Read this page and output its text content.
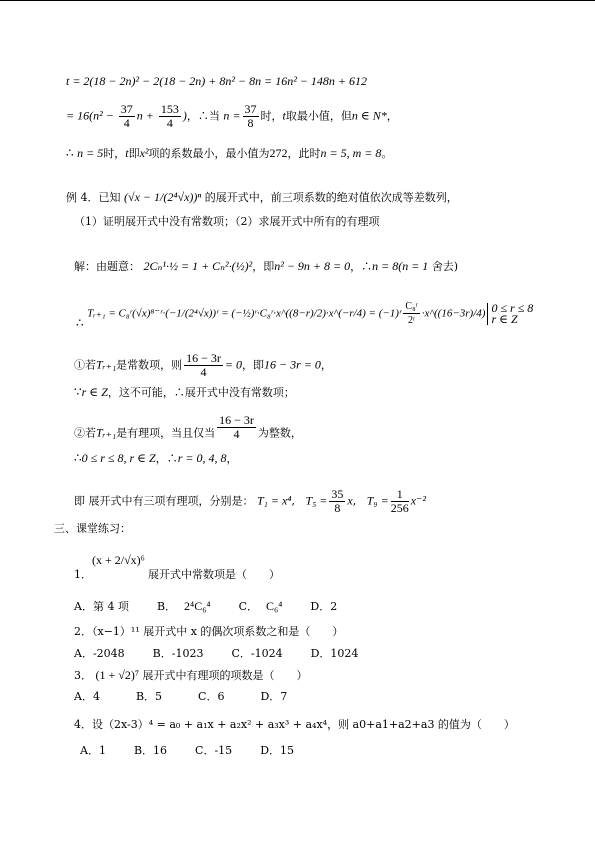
t = 2(18 − 2n)² − 2(18 − 2n) + 8n² − 8n = 16n² − 148n + 612
= $16(n^2 - \frac{37}{4}$ $n + \frac{153}{4}$ )，∴当 $n = \frac{37}{8}$ 时，t取最小值，但n ∈ N*，
∴ n = 5时，t即x²项的系数最小，最小值为272，此时n = 5, m = 8。
例 4．已知 (√x − 1/(2⁴√x))ⁿ 的展开式中，前三项系数的绝对值依次成等差数列，
（1）证明展开式中没有常数项；（2）求展开式中所有的有理项
解：由题意： 2Cₙ¹·½ = 1 + Cₙ²·(½)²，即n² − 9n + 8 = 0，∴n = 8(n = 1 舍去)
∴ Tᵣ₊₁ = C₈ʳ(√x)⁸⁻ʳ·(−1/(2⁴√x))ʳ = (−½)ʳ·C₈ʳ·x^((8−r)/2)·x^(−r/4) = (−1)ʳ $\frac{\text{C₈ʳ}}{\text{2ʳ}}$ ·x^((16−3r)/4) 0 ≤ r ≤ 8
r ∈ Z
①若Tᵣ₊₁是常数项，则 $\frac{16 - 3r}{4} = 0$，即16 − 3r = 0，
∵r ∈ Z，这不可能，∴展开式中没有常数项；
②若Tᵣ₊₁是有理项，当且仅当 $\frac{16 - 3r}{4}$ 为整数，
∴0 ≤ r ≤ 8, r ∈ Z，∴r = 0, 4, 8，
即 展开式中有三项有理项，分别是： T₁ = x⁴,   $T_5 = \frac{35}{8} x$,   $T_9 = \frac{1}{256} x^{-2}$
三、课堂练习：
(x + 2/√x)⁶
1．	展开式中常数项是（　　）
A．第 4 项	B． 2⁴C₆⁴	C． C₆⁴	D．2
2．（x−1）¹¹ 展开式中 x 的偶次项系数之和是（　　）
A．-2048	B．-1023	C．-1024	D．1024
3． (1 + √2)⁷ 展开式中有理项的项数是（　　）
A．4	B．5	C．6	D．7
4．设（2x-3）⁴ = a₀ + a₁x + a₂x² + a₃x³ + a₄x⁴，则 a0+a1+a2+a3 的值为（　　）
A．1	B．16	C．-15	D．15
